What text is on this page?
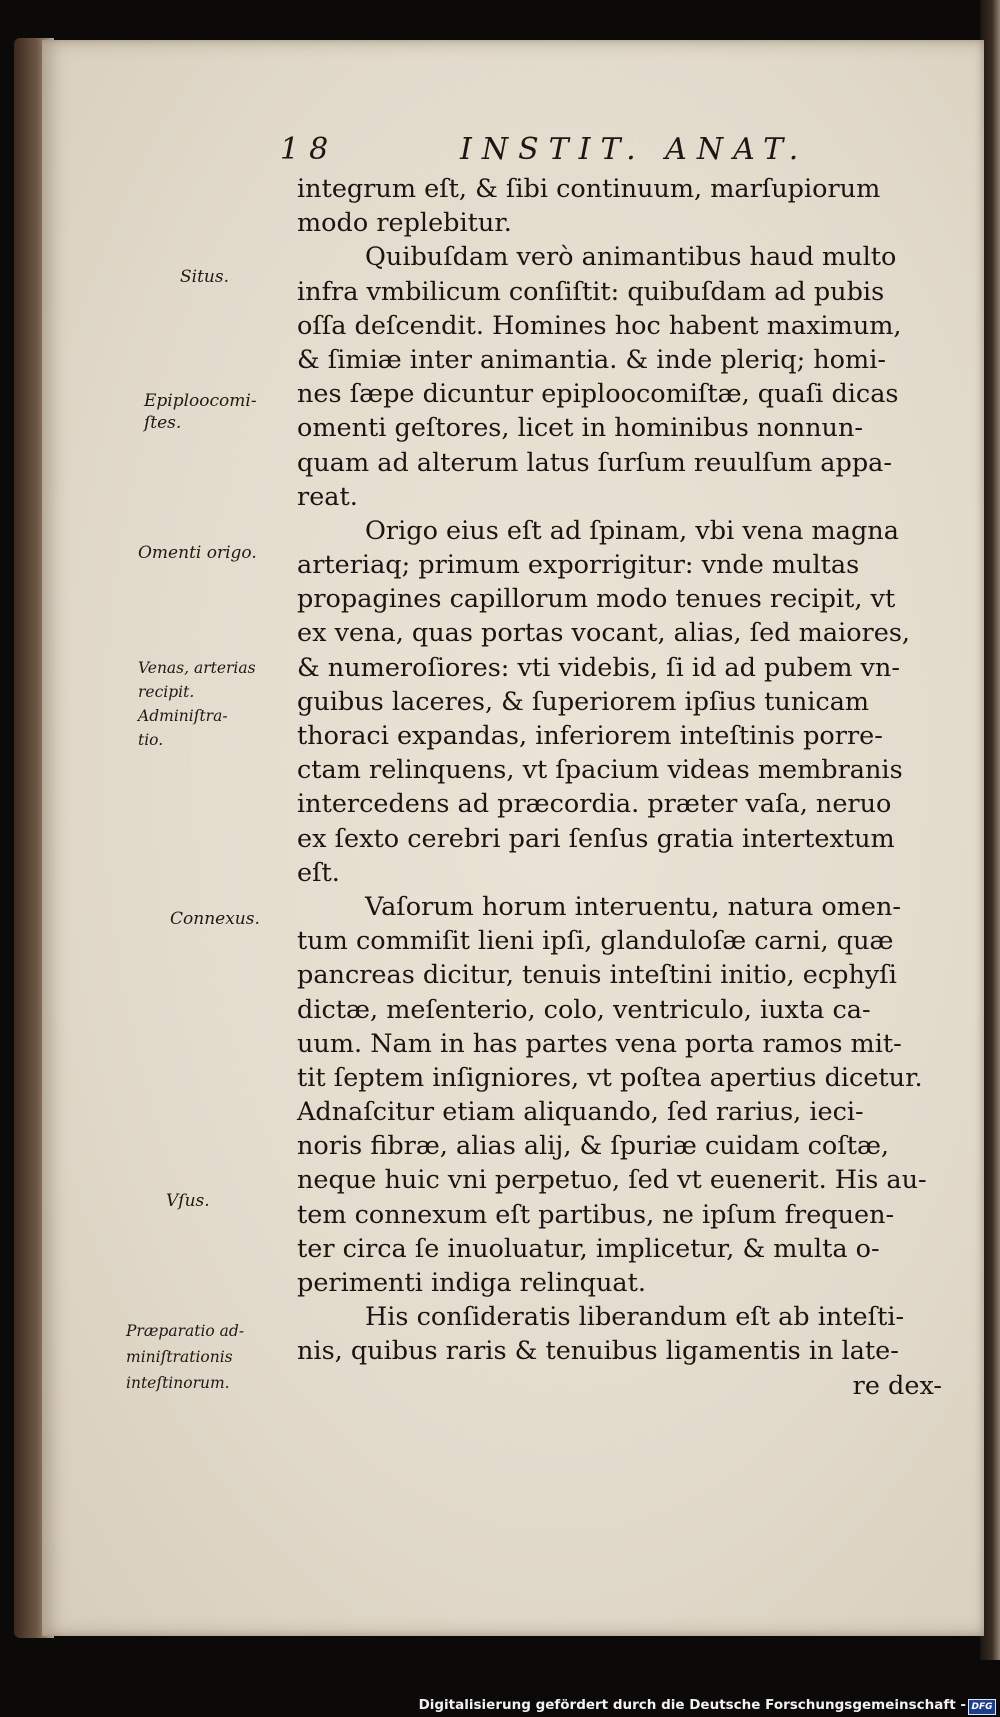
18	INSTIT. ANAT.
integrum eſt, & ſibi continuum, marſupiorum
modo replebitur.
Quibuſdam verò animantibus haud multo
infra vmbilicum conſiſtit: quibuſdam ad pubis
oſſa deſcendit. Homines hoc habent maximum,
& ſimiæ inter animantia. & inde pleriq; homi-
nes ſæpe dicuntur epiploocomiſtæ, quaſi dicas
omenti geſtores, licet in hominibus nonnun-
quam ad alterum latus ſurſum reuulſum appa-
reat.
Origo eius eſt ad ſpinam, vbi vena magna
arteriaq; primum exporrigitur: vnde multas
propagines capillorum modo tenues recipit, vt
ex vena, quas portas vocant, alias, ſed maiores,
& numeroſiores: vti videbis, ſi id ad pubem vn-
guibus laceres, & ſuperiorem ipſius tunicam
thoraci expandas, inferiorem inteſtinis porre-
ctam relinquens, vt ſpacium videas membranis
intercedens ad præcordia. præter vaſa, neruo
ex ſexto cerebri pari ſenſus gratia intertextum
eſt.
Vaſorum horum interuentu, natura omen-
tum commiſit lieni ipſi, glanduloſæ carni, quæ
pancreas dicitur, tenuis inteſtini initio, ecphyſi
dictæ, meſenterio, colo, ventriculo, iuxta ca-
uum. Nam in has partes vena porta ramos mit-
tit ſeptem inſigniores, vt poſtea apertius dicetur.
Adnaſcitur etiam aliquando, ſed rarius, ieci-
noris fibræ, alias alij, & ſpuriæ cuidam coſtæ,
neque huic vni perpetuo, ſed vt euenerit. His au-
tem connexum eſt partibus, ne ipſum frequen-
ter circa ſe inuoluatur, implicetur, & multa o-
perimenti indiga relinquat.
His conſideratis liberandum eſt ab inteſti-
nis, quibus raris & tenuibus ligamentis in late-
re dex-
Situs.
Epiploocomi-
ſtes.
Omenti origo.
Venas, arterias
recipit.
Adminiſtra-
tio.
Connexus.
Vſus.
Præparatio ad-
miniſtrationis
inteſtinorum.
Digitalisierung gefördert durch die Deutsche Forschungsgemeinschaft - DFG
